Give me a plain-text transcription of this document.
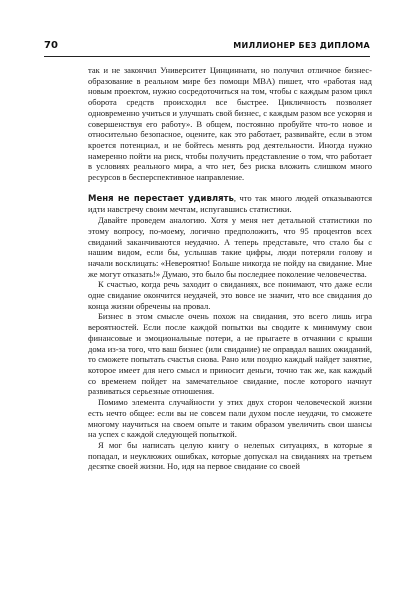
70	МИЛЛИОНЕР БЕЗ ДИПЛОМА

так и не закончил Университет Цинциннати, но получил отличное бизнес-образование в реальном мире без помощи MBA) пишет, что «работая над новым проектом, нужно сосредоточиться на том, чтобы с каждым разом цикл оборота средств происходил все быстрее. Цикличность позволяет одновременно учиться и улучшать свой бизнес, с каждым разом все ускоряя и совершенствуя его работу». В общем, постоянно пробуйте что-то новое и относительно безопасное, оцените, как это работает, развивайте, если в этом кроется потенциал, и не бойтесь менять род деятельности. Иногда нужно намеренно пойти на риск, чтобы получить представление о том, что работает в условиях реального мира, а что нет, без риска вложить слишком много ресурсов в бесперспективное направление.

Меня не перестает удивлять, что так много людей отказываются идти навстречу своим мечтам, испугавшись статистики.

Давайте проведем аналогию. Хотя у меня нет детальной статистики по этому вопросу, по-моему, логично предположить, что 95 процентов всех свиданий заканчиваются неудачно. А теперь представьте, что стало бы с нашим видом, если бы, услышав такие цифры, люди потеряли голову и начали восклицать: «Невероятно! Больше никогда не пойду на свидание. Мне же могут отказать!» Думаю, это было бы последнее поколение человечества.

К счастью, когда речь заходит о свиданиях, все понимают, что даже если одне свидание окончится неудачей, это вовсе не значит, что все свидания до конца жизни обречены на провал.

Бизнес в этом смысле очень похож на свидания, это всего лишь игра вероятностей. Если после каждой попытки вы сводите к минимуму свои финансовые и эмоциональные потери, а не прыгаете в отчаянии с крыши дома из-за того, что ваш бизнес (или свидание) не оправдал ваших ожиданий, то сможете попытать счастья снова. Рано или поздно каждый найдет занятие, которое имеет для него смысл и приносит деньги, точно так же, как каждый со временем пойдет на замечательное свидание, после которого начнут развиваться серьезные отношения.

Помимо элемента случайности у этих двух сторон человеческой жизни есть нечто общее: если вы не совсем пали духом после неудачи, то сможете многому научиться на своем опыте и таким образом увеличить свои шансы на успех с каждой следующей попыткой.

Я мог бы написать целую книгу о нелепых ситуациях, в которые я попадал, и неуклюжих ошибках, которые допускал на свиданиях на третьем десятке своей жизни. Но, идя на первое свидание со своей
